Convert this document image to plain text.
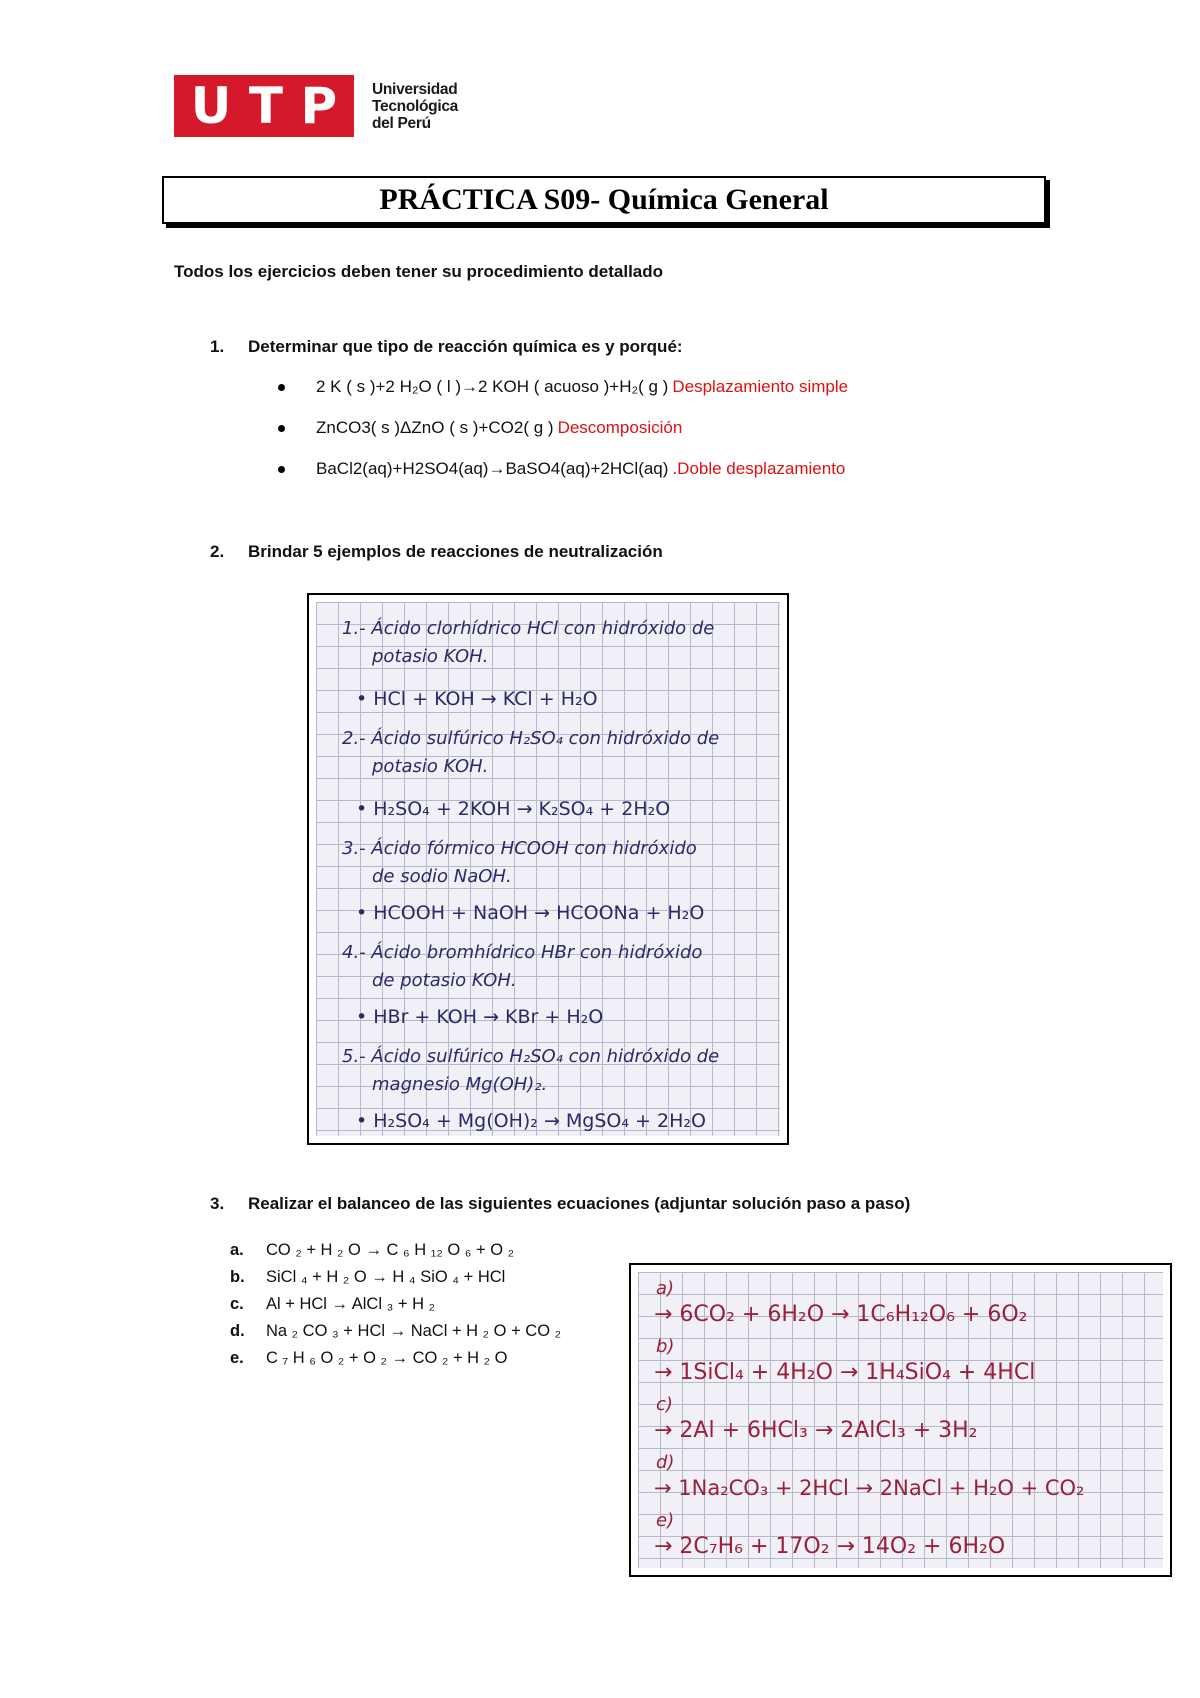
U T P Universidad
Tecnológica
del Perú
PRÁCTICA S09- Química General
Todos los ejercicios deben tener su procedimiento detallado
1.	Determinar que tipo de reacción química es y porqué:
2 K ( s )+2 H₂O ( l )→2 KOH ( acuoso )+H₂( g ) Desplazamiento simple
ZnCO3( s )ΔZnO ( s )+CO2( g ) Descomposición
BaCl2(aq)+H2SO4(aq)→BaSO4(aq)+2HCl(aq) .Doble desplazamiento
2.	Brindar 5 ejemplos de reacciones de neutralización
1.- Ácido clorhídrico HCl con hidróxido de
potasio KOH.
• HCl + KOH → KCl + H₂O
2.- Ácido sulfúrico H₂SO₄ con hidróxido de
potasio KOH.
• H₂SO₄ + 2KOH → K₂SO₄ + 2H₂O
3.- Ácido fórmico HCOOH con hidróxido
de sodio NaOH.
• HCOOH + NaOH → HCOONa + H₂O
4.- Ácido bromhídrico HBr con hidróxido
de potasio KOH.
• HBr + KOH → KBr + H₂O
5.- Ácido sulfúrico H₂SO₄ con hidróxido de
magnesio Mg(OH)₂.
• H₂SO₄ + Mg(OH)₂ → MgSO₄ + 2H₂O
3.	Realizar el balanceo de las siguientes ecuaciones (adjuntar solución paso a paso)
a.	CO ₂ + H ₂ O → C ₆ H ₁₂ O ₆ + O ₂
b.	SiCl ₄ + H ₂ O → H ₄ SiO ₄ + HCl
c.	Al + HCl → AlCl ₃ + H ₂
d.	Na ₂ CO ₃ + HCl → NaCl + H ₂ O + CO ₂
e.	C ₇ H ₆ O ₂ + O ₂ → CO ₂ + H ₂ O
a)
→ 6CO₂ + 6H₂O → 1C₆H₁₂O₆ + 6O₂
b)
→ 1SiCl₄ + 4H₂O → 1H₄SiO₄ + 4HCl
c)
→ 2Al + 6HCl₃ → 2AlCl₃ + 3H₂
d)
→ 1Na₂CO₃ + 2HCl → 2NaCl + H₂O + CO₂
e)
→ 2C₇H₆ + 17O₂ → 14O₂ + 6H₂O
